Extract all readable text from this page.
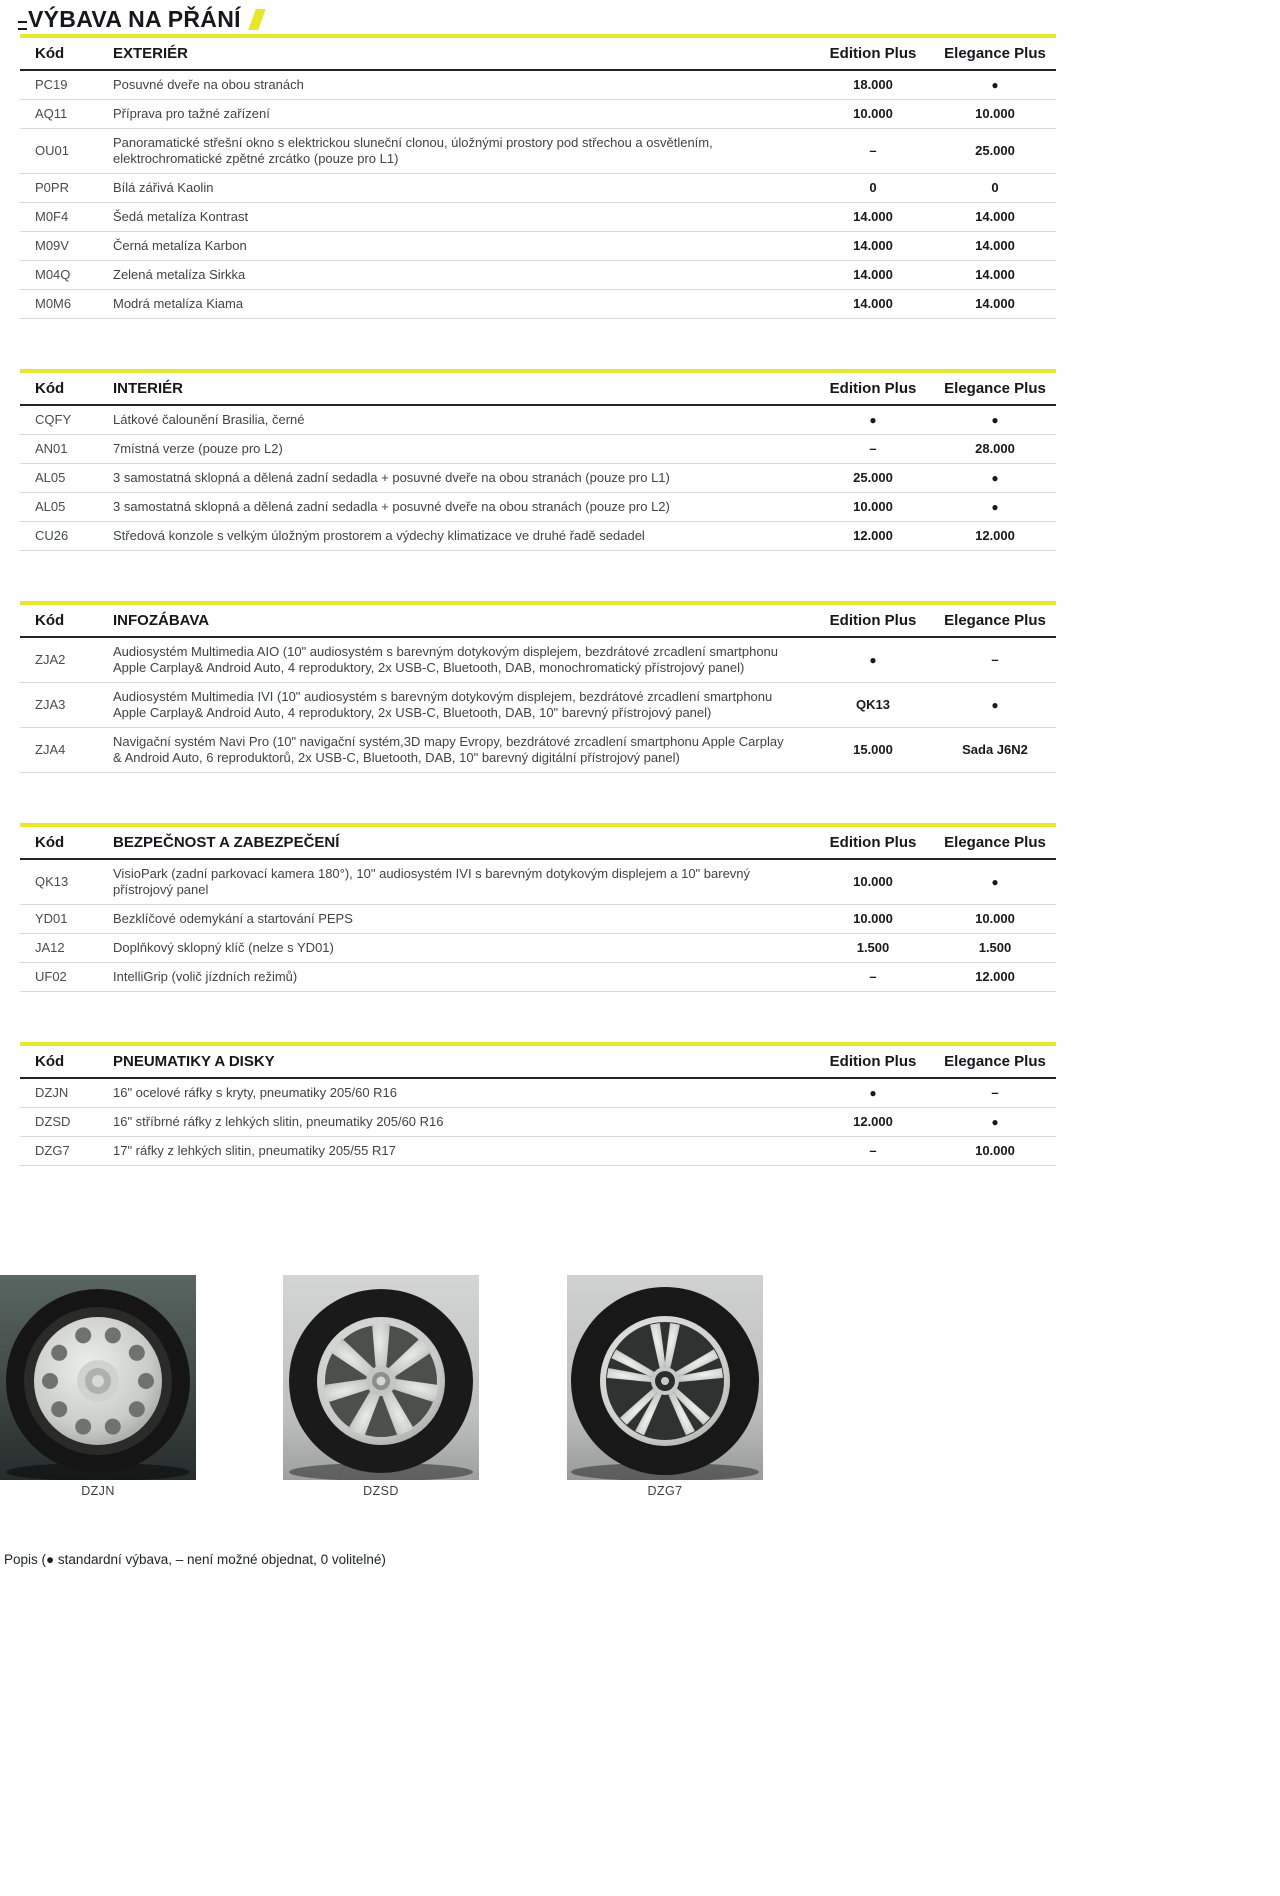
VÝBAVA NA PŘÁNÍ
Kód	EXTERIÉR	Edition Plus	Elegance Plus
PC19	Posuvné dveře na obou stranách	18.000	●
AQ11	Příprava pro tažné zařízení	10.000	10.000
OU01	Panoramatické střešní okno s elektrickou sluneční clonou, úložnými prostory pod střechou a osvětlením, elektrochromatické zpětné zrcátko (pouze pro L1)	–	25.000
P0PR	Bílá zářivá Kaolin	0	0
M0F4	Šedá metalíza Kontrast	14.000	14.000
M09V	Černá metalíza Karbon	14.000	14.000
M04Q	Zelená metalíza Sirkka	14.000	14.000
M0M6	Modrá metalíza Kiama	14.000	14.000
Kód	INTERIÉR	Edition Plus	Elegance Plus
CQFY	Látkové čalounění Brasilia, černé	●	●
AN01	7místná verze (pouze pro L2)	–	28.000
AL05	3 samostatná sklopná a dělená zadní sedadla + posuvné dveře na obou stranách (pouze pro L1)	25.000	●
AL05	3 samostatná sklopná a dělená zadní sedadla + posuvné dveře na obou stranách (pouze pro L2)	10.000	●
CU26	Středová konzole s velkým úložným prostorem a výdechy klimatizace ve druhé řadě sedadel	12.000	12.000
Kód	INFOZÁBAVA	Edition Plus	Elegance Plus
ZJA2	Audiosystém Multimedia AIO (10" audiosystém s barevným dotykovým displejem, bezdrátové zrcadlení smartphonu Apple Carplay& Android Auto, 4 reproduktory, 2x USB-C, Bluetooth, DAB, monochromatický přístrojový panel)	●	–
ZJA3	Audiosystém Multimedia IVI (10" audiosystém s barevným dotykovým displejem, bezdrátové zrcadlení smartphonu Apple Carplay& Android Auto, 4 reproduktory, 2x USB-C, Bluetooth, DAB, 10" barevný přístrojový panel)	QK13	●
ZJA4	Navigační systém Navi Pro (10" navigační systém,3D mapy Evropy, bezdrátové zrcadlení smartphonu Apple Carplay & Android Auto, 6 reproduktorů, 2x USB-C, Bluetooth, DAB, 10" barevný digitální přístrojový panel)	15.000	Sada J6N2
Kód	BEZPEČNOST A ZABEZPEČENÍ	Edition Plus	Elegance Plus
QK13	VisioPark (zadní parkovací kamera 180°), 10" audiosystém IVI s barevným dotykovým displejem a 10" barevný přístrojový panel	10.000	●
YD01	Bezklíčové odemykání a startování PEPS	10.000	10.000
JA12	Doplňkový sklopný klíč (nelze s YD01)	1.500	1.500
UF02	IntelliGrip (volič jízdních režimů)	–	12.000
Kód	PNEUMATIKY A DISKY	Edition Plus	Elegance Plus
DZJN	16" ocelové ráfky s kryty, pneumatiky 205/60 R16	●	–
DZSD	16" stříbrné ráfky z lehkých slitin, pneumatiky 205/60 R16	12.000	●
DZG7	17" ráfky z lehkých slitin, pneumatiky 205/55 R17	–	10.000
DZJN	DZSD	DZG7
Popis (● standardní výbava, – není možné objednat, 0 volitelné)
